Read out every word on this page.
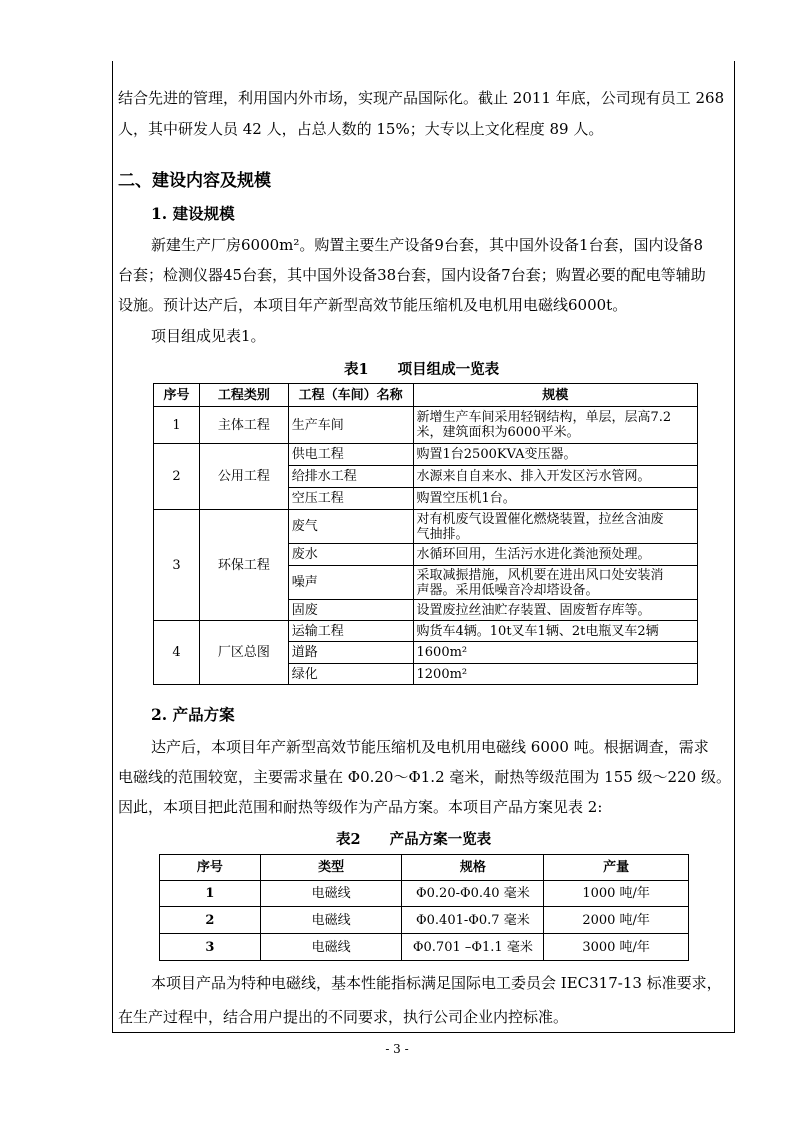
结合先进的管理，利用国内外市场，实现产品国际化。截止 2011 年底，公司现有员工 268
人，其中研发人员 42 人，占总人数的 15%；大专以上文化程度 89 人。
二、建设内容及规模
1. 建设规模
新建生产厂房6000m²。购置主要生产设备9台套，其中国外设备1台套，国内设备8
台套；检测仪器45台套，其中国外设备38台套，国内设备7台套；购置必要的配电等辅助
设施。预计达产后，本项目年产新型高效节能压缩机及电机用电磁线6000t。
项目组成见表1。
表1　　项目组成一览表
序号	工程类别	工程（车间）名称	规模
1	主体工程	生产车间	新增生产车间采用轻钢结构，单层，层高7.2
米，建筑面积为6000平米。
2	公用工程	供电工程	购置1台2500KVA变压器。
		给排水工程	水源来自自来水、排入开发区污水管网。
		空压工程	购置空压机1台。
3	环保工程	废气	对有机废气设置催化燃烧装置，拉丝含油废
气抽排。
		废水	水循环回用，生活污水进化粪池预处理。
		噪声	采取减振措施，风机要在进出风口处安装消
声器。采用低噪音冷却塔设备。
		固废	设置废拉丝油贮存装置、固废暂存库等。
4	厂区总图	运输工程	购货车4辆。10t叉车1辆、2t电瓶叉车2辆
		道路	1600m²
		绿化	1200m²
2. 产品方案
达产后，本项目年产新型高效节能压缩机及电机用电磁线 6000 吨。根据调查，需求
电磁线的范围较宽，主要需求量在 Φ0.20～Φ1.2 毫米，耐热等级范围为 155 级～220 级。
因此，本项目把此范围和耐热等级作为产品方案。本项目产品方案见表 2:
表2　　产品方案一览表
序号	类型	规格	产量
1	电磁线	Φ0.20-Φ0.40 毫米	1000 吨/年
2	电磁线	Φ0.401-Φ0.7 毫米	2000 吨/年
3	电磁线	Φ0.701 –Φ1.1 毫米	3000 吨/年
本项目产品为特种电磁线，基本性能指标满足国际电工委员会 IEC317-13 标准要求，
在生产过程中，结合用户提出的不同要求，执行公司企业内控标准。
- 3 -
